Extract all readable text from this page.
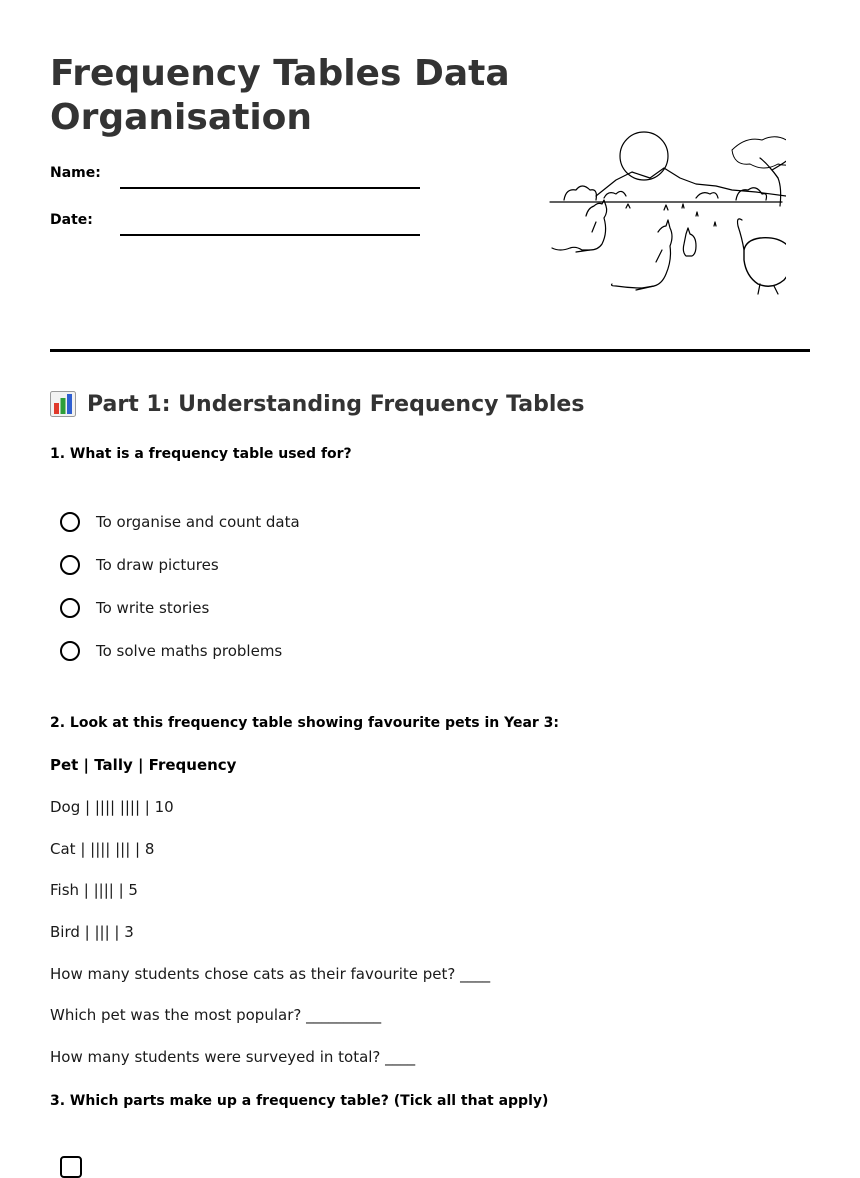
Frequency Tables Data Organisation
Name:
Date:
Part 1: Understanding Frequency Tables
1. What is a frequency table used for?
To organise and count data
To draw pictures
To write stories
To solve maths problems
2. Look at this frequency table showing favourite pets in Year 3:
Pet | Tally | Frequency
Dog | |||| |||| | 10
Cat | |||| ||| | 8
Fish | |||| | 5
Bird | ||| | 3
How many students chose cats as their favourite pet? ____
Which pet was the most popular? __________
How many students were surveyed in total? ____
3. Which parts make up a frequency table? (Tick all that apply)
